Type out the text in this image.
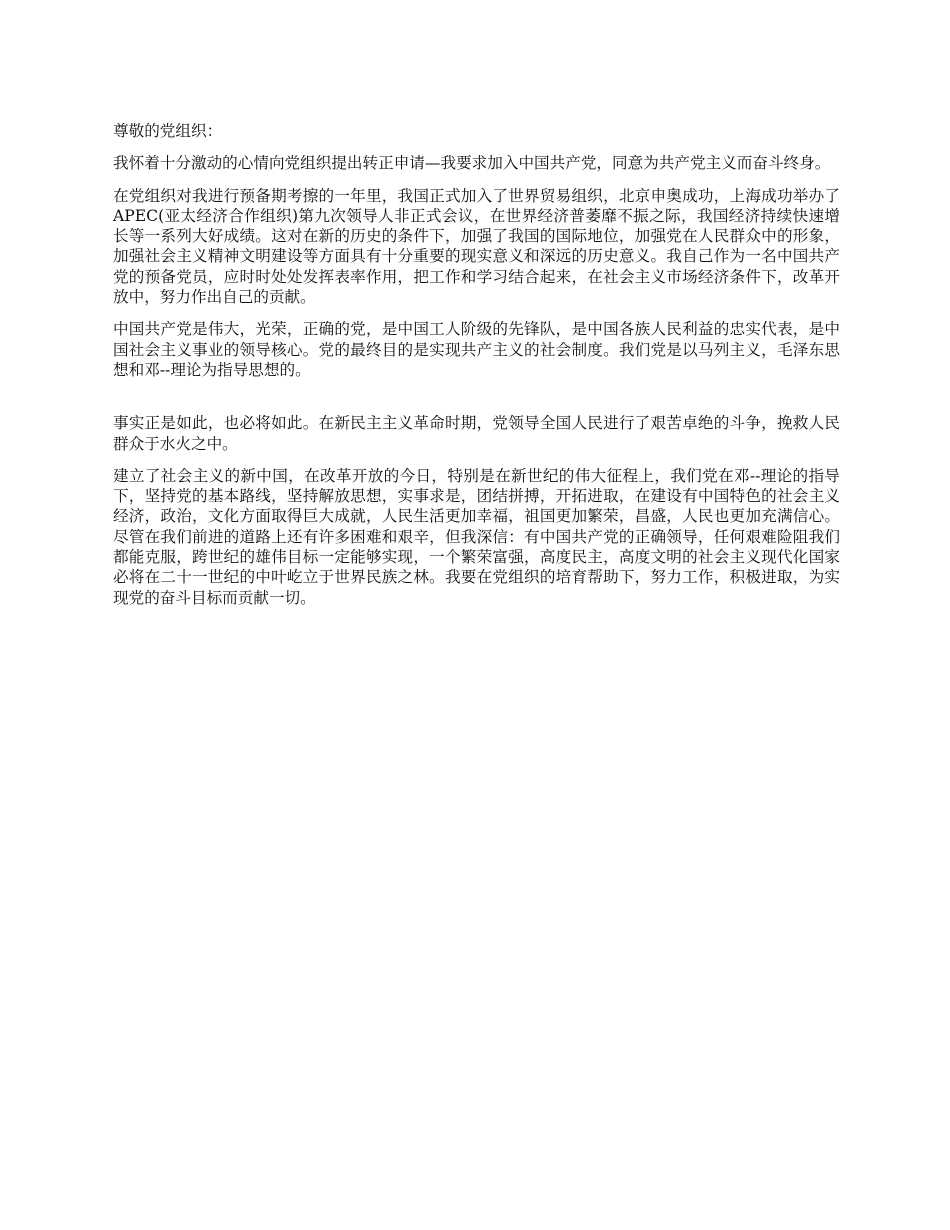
尊敬的党组织：

我怀着十分激动的心情向党组织提出转正申请—我要求加入中国共产党，同意为共产党主义而奋斗终身。

在党组织对我进行预备期考擦的一年里，我国正式加入了世界贸易组织，北京申奥成功，上海成功举办了APEC(亚太经济合作组织)第九次领导人非正式会议，在世界经济普萎靡不振之际，我国经济持续快速增长等一系列大好成绩。这对在新的历史的条件下，加强了我国的国际地位，加强党在人民群众中的形象，加强社会主义精神文明建设等方面具有十分重要的现实意义和深远的历史意义。我自己作为一名中国共产党的预备党员，应时时处处发挥表率作用，把工作和学习结合起来，在社会主义市场经济条件下，改革开放中，努力作出自己的贡献。

中国共产党是伟大，光荣，正确的党，是中国工人阶级的先锋队，是中国各族人民利益的忠实代表，是中国社会主义事业的领导核心。党的最终目的是实现共产主义的社会制度。我们党是以马列主义，毛泽东思想和邓--理论为指导思想的。

事实正是如此，也必将如此。在新民主主义革命时期，党领导全国人民进行了艰苦卓绝的斗争，挽救人民群众于水火之中。

建立了社会主义的新中国，在改革开放的今日，特别是在新世纪的伟大征程上，我们党在邓--理论的指导下，坚持党的基本路线，坚持解放思想，实事求是，团结拼搏，开拓进取，在建设有中国特色的社会主义经济，政治，文化方面取得巨大成就，人民生活更加幸福，祖国更加繁荣，昌盛，人民也更加充满信心。尽管在我们前进的道路上还有许多困难和艰辛，但我深信：有中国共产党的正确领导，任何艰难险阻我们都能克服，跨世纪的雄伟目标一定能够实现，一个繁荣富强，高度民主，高度文明的社会主义现代化国家必将在二十一世纪的中叶屹立于世界民族之林。我要在党组织的培育帮助下，努力工作，积极进取，为实现党的奋斗目标而贡献一切。
